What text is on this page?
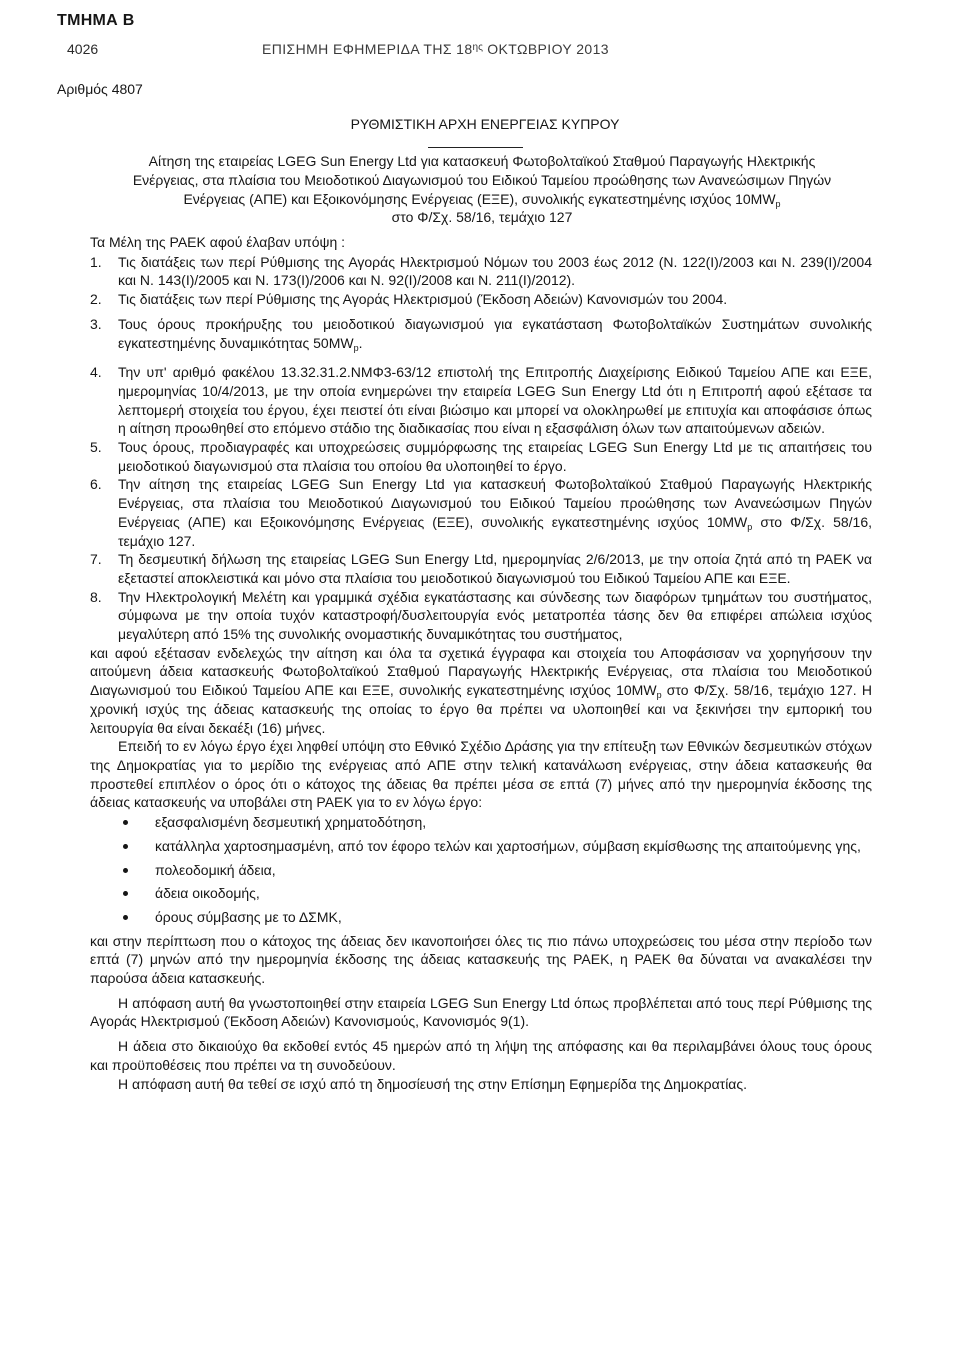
ΤΜΗΜΑ Β
4026	ΕΠΙΣΗΜΗ ΕΦΗΜΕΡΙΔΑ ΤΗΣ $18^{\eta\varsigma}$ ΟΚΤΩΒΡΙΟΥ 2013
Αριθμός 4807
ΡΥΘΜΙΣΤΙΚΗ ΑΡΧΗ ΕΝΕΡΓΕΙΑΣ ΚΥΠΡΟΥ
Αίτηση της εταιρείας LGEG Sun Energy Ltd για κατασκευή Φωτοβολταϊκού Σταθμού Παραγωγής Ηλεκτρικής
Ενέργειας, στα πλαίσια του Μειοδοτικού Διαγωνισμού του Ειδικού Ταμείου προώθησης των Ανανεώσιμων Πηγών
Ενέργειας (ΑΠΕ) και Εξοικονόμησης Ενέργειας (ΕΞΕ), συνολικής εγκατεστημένης ισχύος $10MW_p$
στο Φ/Σχ. 58/16, τεμάχιο 127

Τα Μέλη της ΡΑΕΚ αφού έλαβαν υπόψη :

1.	Τις διατάξεις των περί Ρύθμισης της Αγοράς Ηλεκτρισμού Νόμων του 2003 έως 2012 (Ν. 122(Ι)/2003 και Ν. 239(Ι)/2004 και Ν. 143(Ι)/2005 και Ν. 173(Ι)/2006 και Ν. 92(Ι)/2008 και Ν. 211(Ι)/2012).
2.	Τις διατάξεις των περί Ρύθμισης της Αγοράς Ηλεκτρισμού (Έκδοση Αδειών) Κανονισμών του 2004.
3.	Τους όρους προκήρυξης του μειοδοτικού διαγωνισμού για εγκατάσταση Φωτοβολταϊκών Συστημάτων συνολικής εγκατεστημένης δυναμικότητας $50MW_p$.
4.	Την υπ' αριθμό φακέλου 13.32.31.2.ΝΜΦ3-63/12 επιστολή της Επιτροπής Διαχείρισης Ειδικού Ταμείου ΑΠΕ και ΕΞΕ, ημερομηνίας 10/4/2013, με την οποία ενημερώνει την εταιρεία LGEG Sun Energy Ltd ότι η Επιτροπή αφού εξέτασε τα λεπτομερή στοιχεία του έργου, έχει πειστεί ότι είναι βιώσιμο και μπορεί να ολοκληρωθεί με επιτυχία και αποφάσισε όπως η αίτηση προωθηθεί στο επόμενο στάδιο της διαδικασίας που είναι η εξασφάλιση όλων των απαιτούμενων αδειών.
5.	Τους όρους, προδιαγραφές και υποχρεώσεις συμμόρφωσης της εταιρείας LGEG Sun Energy Ltd με τις απαιτήσεις του μειοδοτικού διαγωνισμού στα πλαίσια του οποίου θα υλοποιηθεί το έργο.
6.	Την αίτηση της εταιρείας LGEG Sun Energy Ltd για κατασκευή Φωτοβολταϊκού Σταθμού Παραγωγής Ηλεκτρικής Ενέργειας, στα πλαίσια του Μειοδοτικού Διαγωνισμού του Ειδικού Ταμείου προώθησης των Ανανεώσιμων Πηγών Ενέργειας (ΑΠΕ) και Εξοικονόμησης Ενέργειας (ΕΞΕ), συνολικής εγκατεστημένης ισχύος $10MW_p$ στο Φ/Σχ. 58/16, τεμάχιο 127.
7.	Τη δεσμευτική δήλωση της εταιρείας LGEG Sun Energy Ltd, ημερομηνίας 2/6/2013, με την οποία ζητά από τη ΡΑΕΚ να εξεταστεί αποκλειστικά και μόνο στα πλαίσια του μειοδοτικού διαγωνισμού του Ειδικού Ταμείου ΑΠΕ και ΕΞΕ.
8.	Την Ηλεκτρολογική Μελέτη και γραμμικά σχέδια εγκατάστασης και σύνδεσης των διαφόρων τμημάτων του συστήματος, σύμφωνα με την οποία τυχόν καταστροφή/δυσλειτουργία ενός μετατροπέα τάσης δεν θα επιφέρει απώλεια ισχύος μεγαλύτερη από 15% της συνολικής ονομαστικής δυναμικότητας του συστήματος,

και αφού εξέτασαν ενδελεχώς την αίτηση και όλα τα σχετικά έγγραφα και στοιχεία του Αποφάσισαν να χορηγήσουν την αιτούμενη άδεια κατασκευής Φωτοβολταϊκού Σταθμού Παραγωγής Ηλεκτρικής Ενέργειας, στα πλαίσια του Μειοδοτικού Διαγωνισμού του Ειδικού Ταμείου ΑΠΕ και ΕΞΕ, συνολικής εγκατεστημένης ισχύος $10MW_p$ στο Φ/Σχ. 58/16, τεμάχιο 127. Η χρονική ισχύς της άδειας κατασκευής της οποίας το έργο θα πρέπει να υλοποιηθεί και να ξεκινήσει την εμπορική του λειτουργία θα είναι δεκαέξι (16) μήνες.

Επειδή το εν λόγω έργο έχει ληφθεί υπόψη στο Εθνικό Σχέδιο Δράσης για την επίτευξη των Εθνικών δεσμευτικών στόχων της Δημοκρατίας για το μερίδιο της ενέργειας από ΑΠΕ στην τελική κατανάλωση ενέργειας, στην άδεια κατασκευής θα προστεθεί επιπλέον ο όρος ότι ο κάτοχος της άδειας θα πρέπει μέσα σε επτά (7) μήνες από την ημερομηνία έκδοσης της άδειας κατασκευής να υποβάλει στη ΡΑΕΚ για το εν λόγω έργο:

εξασφαλισμένη δεσμευτική χρηματοδότηση,
κατάλληλα χαρτοσημασμένη, από τον έφορο τελών και χαρτοσήμων, σύμβαση εκμίσθωσης της απαιτούμενης γης,
πολεοδομική άδεια,
άδεια οικοδομής,
όρους σύμβασης με το ΔΣΜΚ,

και στην περίπτωση που ο κάτοχος της άδειας δεν ικανοποιήσει όλες τις πιο πάνω υποχρεώσεις του μέσα στην περίοδο των επτά (7) μηνών από την ημερομηνία έκδοσης της άδειας κατασκευής της ΡΑΕΚ, η ΡΑΕΚ θα δύναται να ανακαλέσει την παρούσα άδεια κατασκευής.

Η απόφαση αυτή θα γνωστοποιηθεί στην εταιρεία LGEG Sun Energy Ltd όπως προβλέπεται από τους περί Ρύθμισης της Αγοράς Ηλεκτρισμού (Έκδοση Αδειών) Κανονισμούς, Κανονισμός 9(1).

Η άδεια στο δικαιούχο θα εκδοθεί εντός 45 ημερών από τη λήψη της απόφασης και θα περιλαμβάνει όλους τους όρους και προϋποθέσεις που πρέπει να τη συνοδεύουν.

Η απόφαση αυτή θα τεθεί σε ισχύ από τη δημοσίευσή της στην Επίσημη Εφημερίδα της Δημοκρατίας.
